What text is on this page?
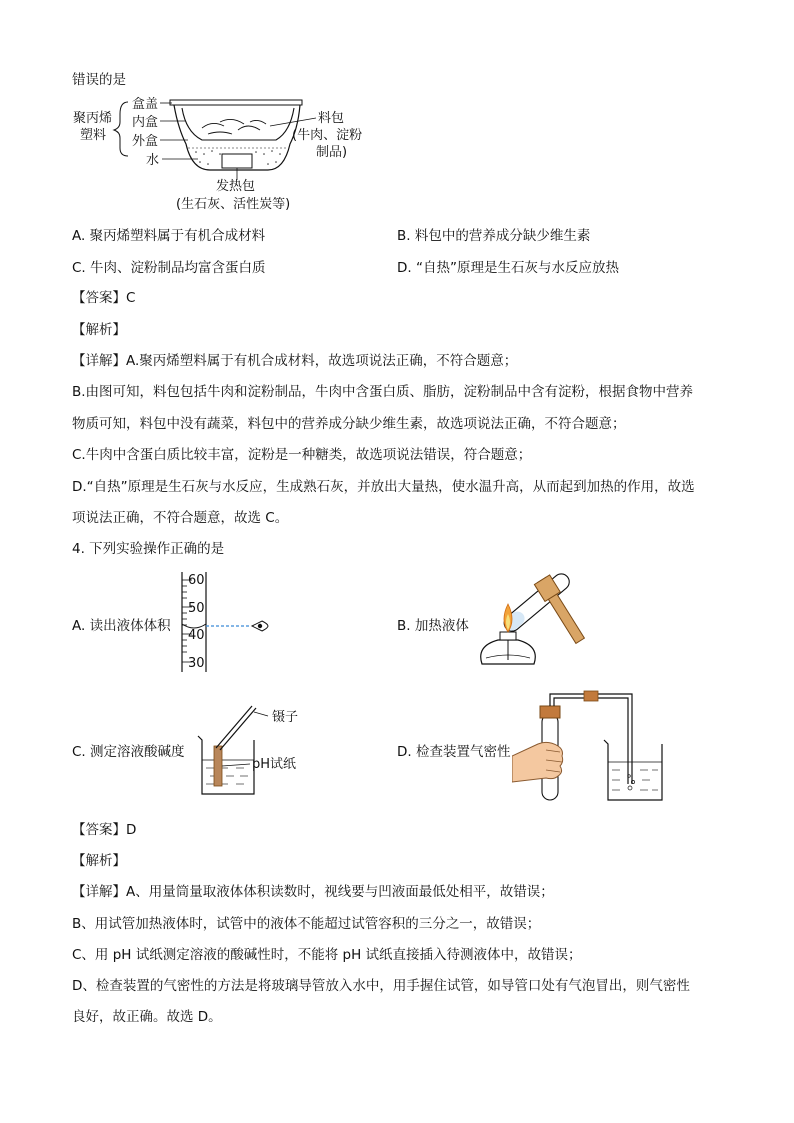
错误的是
聚丙烯
塑料
盒盖
内盒
外盒
水
料包
(牛肉、淀粉
制品)
发热包
(生石灰、活性炭等)
A. 聚丙烯塑料属于有机合成材料	B. 料包中的营养成分缺少维生素
C. 牛肉、淀粉制品均富含蛋白质	D. “自热”原理是生石灰与水反应放热
【答案】C
【解析】
【详解】A.聚丙烯塑料属于有机合成材料，故选项说法正确，不符合题意；
B.由图可知，料包包括牛肉和淀粉制品，牛肉中含蛋白质、脂肪，淀粉制品中含有淀粉，根据食物中营养
物质可知，料包中没有蔬菜，料包中的营养成分缺少维生素，故选项说法正确，不符合题意；
C.牛肉中含蛋白质比较丰富，淀粉是一种糖类，故选项说法错误，符合题意；
D.“自热”原理是生石灰与水反应，生成熟石灰，并放出大量热，使水温升高，从而起到加热的作用，故选
项说法正确，不符合题意，故选 C。
4. 下列实验操作正确的是
A. 读出液体体积
60
50
40
30
B. 加热液体
C. 测定溶液酸碱度
镊子
pH试纸
D. 检查装置气密性
【答案】D
【解析】
【详解】A、用量筒量取液体体积读数时，视线要与凹液面最低处相平，故错误；
B、用试管加热液体时，试管中的液体不能超过试管容积的三分之一，故错误；
C、用 pH 试纸测定溶液的酸碱性时，不能将 pH 试纸直接插入待测液体中，故错误；
D、检查装置的气密性的方法是将玻璃导管放入水中，用手握住试管，如导管口处有气泡冒出，则气密性
良好，故正确。故选 D。
